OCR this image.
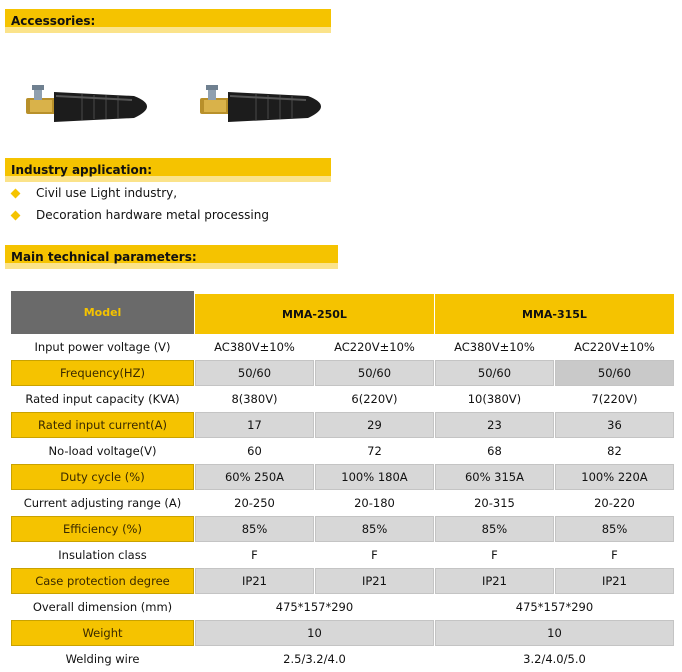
Accessories:
Industry application:
Civil use Light industry,
Decoration hardware metal processing
Main technical parameters:
Model	MMA-250L		MMA-315L	
Input power voltage (V)	AC380V±10%	AC220V±10%	AC380V±10%	AC220V±10%
Frequency(HZ)	50/60	50/60	50/60	50/60
Rated input capacity (KVA)	8(380V)	6(220V)	10(380V)	7(220V)
Rated input current(A)	17	29	23	36
No-load voltage(V)	60	72	68	82
Duty cycle (%)	60% 250A	100% 180A	60% 315A	100% 220A
Current adjusting range (A)	20-250	20-180	20-315	20-220
Efficiency (%)	85%	85%	85%	85%
Insulation class	F	F	F	F
Case protection degree	IP21	IP21	IP21	IP21
Overall dimension (mm)	475*157*290		475*157*290	
Weight	10		10	
Welding wire	2.5/3.2/4.0		3.2/4.0/5.0	
